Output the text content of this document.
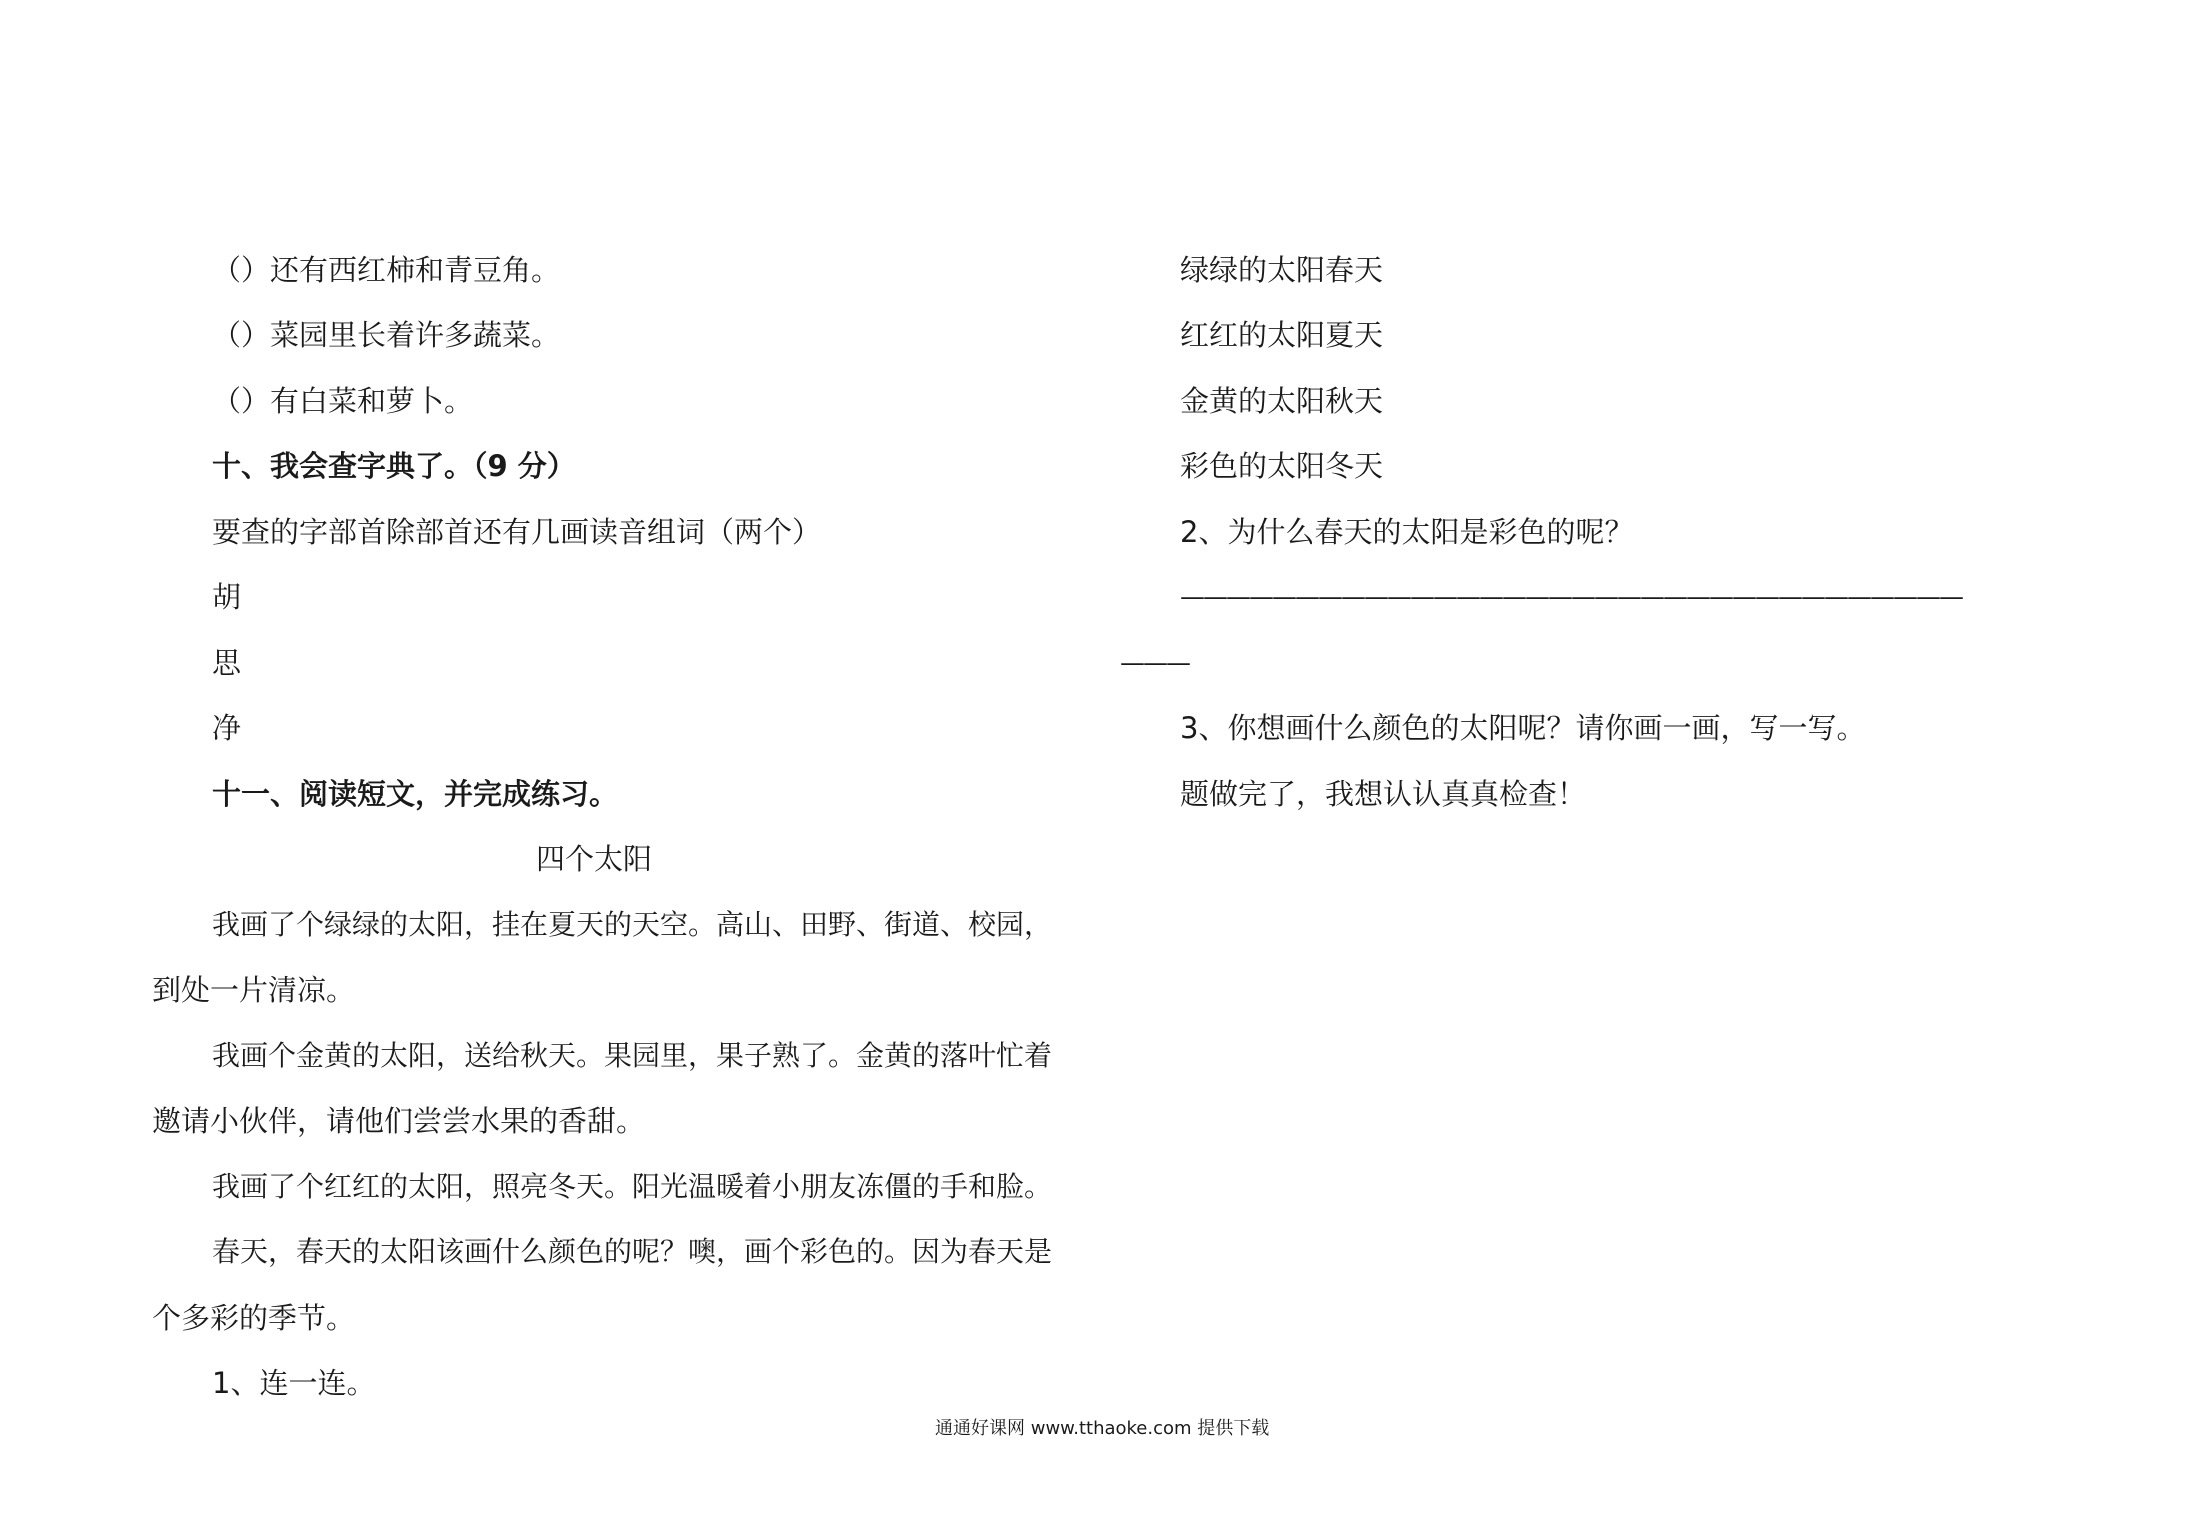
（）还有西红柿和青豆角。
（）菜园里长着许多蔬菜。
（）有白菜和萝卜。
十、我会查字典了。（9 分）
要查的字部首除部首还有几画读音组词（两个）
胡
思
净
十一、阅读短文，并完成练习。
四个太阳
我画了个绿绿的太阳，挂在夏天的天空。高山、田野、街道、校园，
到处一片清凉。
我画个金黄的太阳，送给秋天。果园里，果子熟了。金黄的落叶忙着
邀请小伙伴，请他们尝尝水果的香甜。
我画了个红红的太阳，照亮冬天。阳光温暖着小朋友冻僵的手和脸。
春天，春天的太阳该画什么颜色的呢？噢，画个彩色的。因为春天是
个多彩的季节。
1、连一连。
绿绿的太阳春天
红红的太阳夏天
金黄的太阳秋天
彩色的太阳冬天
2、为什么春天的太阳是彩色的呢？
——————————————————————————————————
———
3、你想画什么颜色的太阳呢？请你画一画，写一写。
题做完了，我想认认真真检查！
通通好课网 www.tthaoke.com 提供下载
